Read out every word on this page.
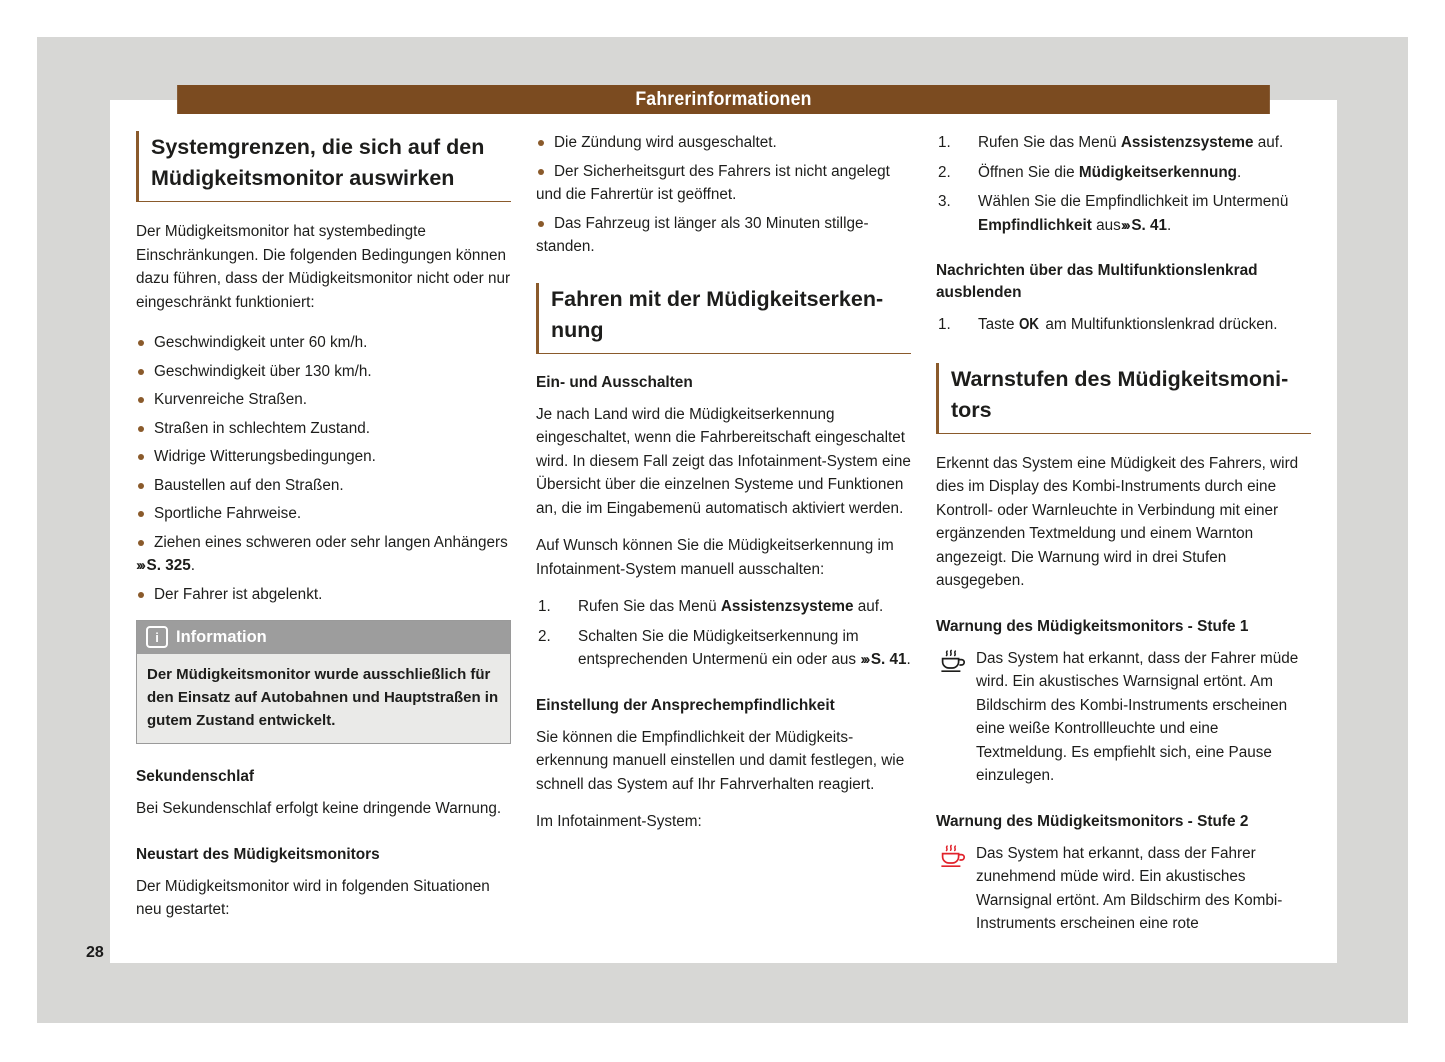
Fahrerinformationen
28
Systemgrenzen, die sich auf den Müdigkeitsmonitor auswirken

Der Müdigkeitsmonitor hat systembedingte Einschränkungen. Die folgenden Bedingungen können dazu führen, dass der Müdigkeitsmonitor nicht oder nur eingeschränkt funktioniert:

Geschwindigkeit unter 60 km/h.
Geschwindigkeit über 130 km/h.
Kurvenreiche Straßen.
Straßen in schlechtem Zustand.
Widrige Witterungsbedingungen.
Baustellen auf den Straßen.
Sportliche Fahrweise.
Ziehen eines schweren oder sehr langen Anhängers ››› S. 325.
Der Fahrer ist abgelenkt.
i	Information
Der Müdigkeitsmonitor wurde ausschließlich für den Einsatz auf Autobahnen und Hauptstraßen in gutem Zustand entwickelt.
Sekundenschlaf

Bei Sekundenschlaf erfolgt keine dringende Warnung.

Neustart des Müdigkeitsmonitors

Der Müdigkeitsmonitor wird in folgenden Situationen neu gestartet:

Die Zündung wird ausgeschaltet.
Der Sicherheitsgurt des Fahrers ist nicht angelegt und die Fahrertür ist geöffnet.
Das Fahrzeug ist länger als 30 Minuten stillgestanden.
Fahren mit der Müdigkeitserkennung
Ein- und Ausschalten

Je nach Land wird die Müdigkeitserkennung eingeschaltet, wenn die Fahrbereitschaft eingeschaltet wird. In diesem Fall zeigt das Infotainment-System eine Übersicht über die einzelnen Systeme und Funktionen an, die im Eingabemenü automatisch aktiviert werden.

Auf Wunsch können Sie die Müdigkeitserkennung im Infotainment-System manuell ausschalten:

1. Rufen Sie das Menü Assistenzsysteme auf.
2. Schalten Sie die Müdigkeitserkennung im entsprechenden Untermenü ein oder aus ››› S. 41.
Einstellung der Ansprechempfindlichkeit

Sie können die Empfindlichkeit der Müdigkeitserkennung manuell einstellen und damit festlegen, wie schnell das System auf Ihr Fahrverhalten reagiert.

Im Infotainment-System:

1. Rufen Sie das Menü Assistenzsysteme auf.
2. Öffnen Sie die Müdigkeitserkennung.
3. Wählen Sie die Empfindlichkeit im Untermenü Empfindlichkeit aus››› S. 41.
Nachrichten über das Multifunktionslenkrad ausblenden
1. Taste OK am Multifunktionslenkrad drücken.
Warnstufen des Müdigkeitsmonitors

Erkennt das System eine Müdigkeit des Fahrers, wird dies im Display des Kombi-Instruments durch eine Kontroll- oder Warnleuchte in Verbindung mit einer ergänzenden Textmeldung und einem Warnton angezeigt. Die Warnung wird in drei Stufen ausgegeben.

Warnung des Müdigkeitsmonitors - Stufe 1
Das System hat erkannt, dass der Fahrer müde wird. Ein akustisches Warnsignal ertönt. Am Bildschirm des Kombi-Instruments erscheinen eine weiße Kontrollleuchte und eine Textmeldung. Es empfiehlt sich, eine Pause einzulegen.
Warnung des Müdigkeitsmonitors - Stufe 2
Das System hat erkannt, dass der Fahrer zunehmend müde wird. Ein akustisches Warnsignal ertönt. Am Bildschirm des Kombi-Instruments erscheinen eine rote
